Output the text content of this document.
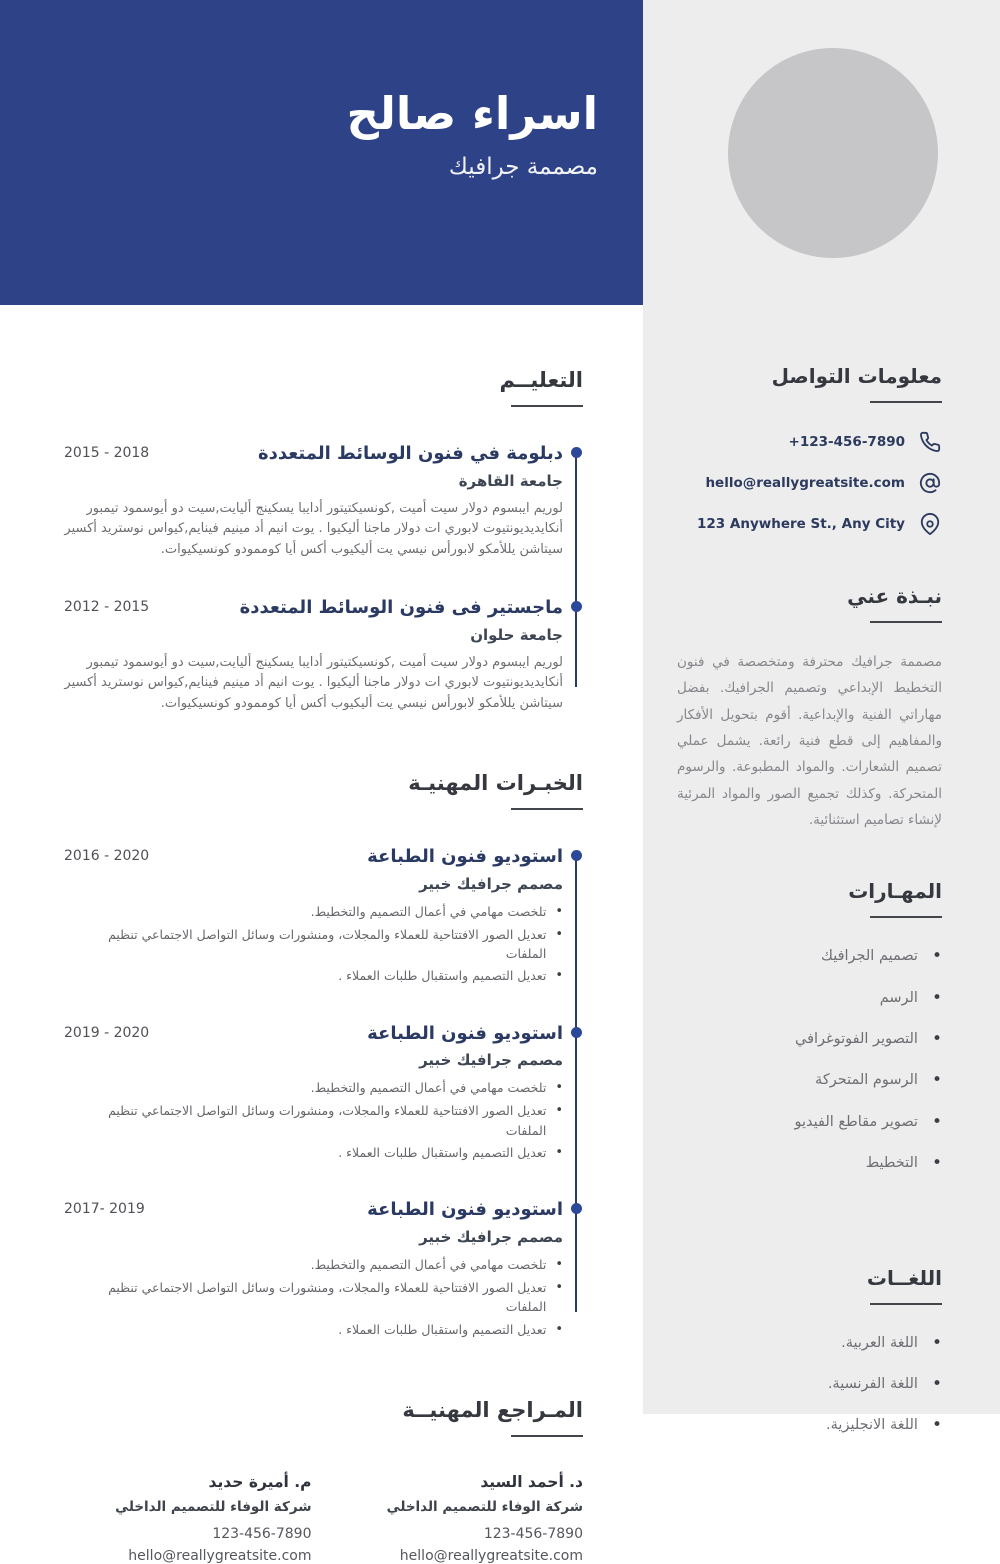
معلومات التواصل
+123-456-7890
hello@reallygreatsite.com
123 Anywhere St., Any City
نبـذة عني

مصممة جرافيك محترفة ومتخصصة في فنون التخطيط الإبداعي وتصميم الجرافيك. بفضل مهاراتي الفنية والإبداعية. أقوم بتحويل الأفكار والمفاهيم إلى قطع فنية رائعة. يشمل عملي تصميم الشعارات. والمواد المطبوعة. والرسوم المتحركة. وكذلك تجميع الصور والمواد المرئية لإنشاء تصاميم استثنائية.

المهـارات
•
تصميم الجرافيك
•
الرسم
•
التصوير الفوتوغرافي
•
الرسوم المتحركة
•
تصوير مقاطع الفيديو
•
التخطيط
اللغــات
•
اللغة العربية.
•
اللغة الفرنسية.
•
اللغة الانجليزية.
اسراء صالح
مصممة جرافيك
التعليــم
دبلومة في فنون الوسائط المتعددة
2015 - 2018
جامعة القاهرة

لوريم ايبسوم دولار سيت أميت ,كونسيكتيتور أدايبا يسكينج أليايت,سيت دو أيوسمود تيمبور أنكايديديونتيوت لابوري ات دولار ماجنا أليكيوا . يوت انيم أد مينيم فينايم,كيواس نوستريد أكسير سيتاشن يللأمكو لابورأس نيسي يت أليكيوب أكس أيا كوممودو كونسيكيوات.

ماجستير فى فنون الوسائط المتعددة
2012 - 2015
جامعة حلوان

لوريم ايبسوم دولار سيت أميت ,كونسيكتيتور أدايبا يسكينج أليايت,سيت دو أيوسمود تيمبور أنكايديديونتيوت لابوري ات دولار ماجنا أليكيوا . يوت انيم أد مينيم فينايم,كيواس نوستريد أكسير سيتاشن يللأمكو لابورأس نيسي يت أليكيوب أكس أيا كوممودو كونسيكيوات.

الخبـرات المهنيـة
استوديو فنون الطباعة
2016 - 2020
مصمم جرافيك خبير
•
تلخصت مهامي في أعمال التصميم والتخطيط.
•
تعديل الصور الافتتاحية للعملاء والمجلات، ومنشورات وسائل التواصل الاجتماعي تنظيم الملفات
•
تعديل التصميم واستقبال طلبات العملاء .
استوديو فنون الطباعة
2019 - 2020
مصمم جرافيك خبير
•
تلخصت مهامي في أعمال التصميم والتخطيط.
•
تعديل الصور الافتتاحية للعملاء والمجلات، ومنشورات وسائل التواصل الاجتماعي تنظيم الملفات
•
تعديل التصميم واستقبال طلبات العملاء .
استوديو فنون الطباعة
2017- 2019
مصمم جرافيك خبير
•
تلخصت مهامي في أعمال التصميم والتخطيط.
•
تعديل الصور الافتتاحية للعملاء والمجلات، ومنشورات وسائل التواصل الاجتماعي تنظيم الملفات
•
تعديل التصميم واستقبال طلبات العملاء .
المـراجع المهنيــة
د. أحمد السيد
شركة الوفاء للتصميم الداخلي
123-456-7890
hello@reallygreatsite.com
م. أميرة حديد
شركة الوفاء للتصميم الداخلي
123-456-7890
hello@reallygreatsite.com
